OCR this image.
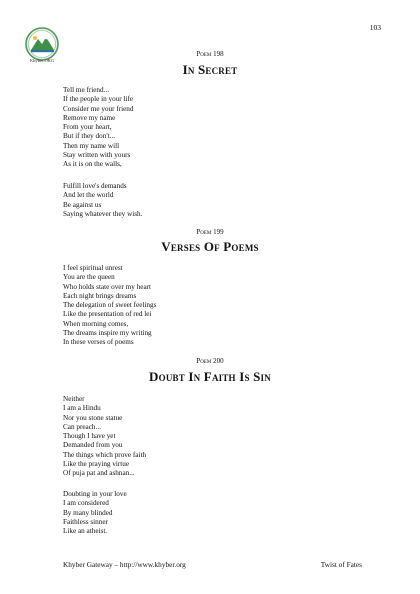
103
Khyber.ORG
Poem 198
In Secret
Tell me friend...
If the people in your life
Consider me your friend
Remove my name
From your heart,
But if they don't...
Then my name will
Stay written with yours
As it is on the walls,
Fulfill love's demands
And let the world
Be against us
Saying whatever they wish.
Poem 199
Verses Of Poems
I feel spiritual unrest
You are the queen
Who holds state over my heart
Each night brings dreams
The delegation of sweet feelings
Like the presentation of red lei
When morning comes,
The dreams inspire my writing
In these verses of poems
Poem 200
Doubt In Faith Is Sin
Neither
I am a Hindu
Nor you stone statue
Can preach...
Though I have yet
Demanded from you
The things which prove faith
Like the praying virtue
Of puja pat and ashnan...
Doubting in your love
I am considered
By many blinded
Faithless sinner
Like an atheist.
Khyber Gateway – http://www.khyber.org	Twist of Fates
